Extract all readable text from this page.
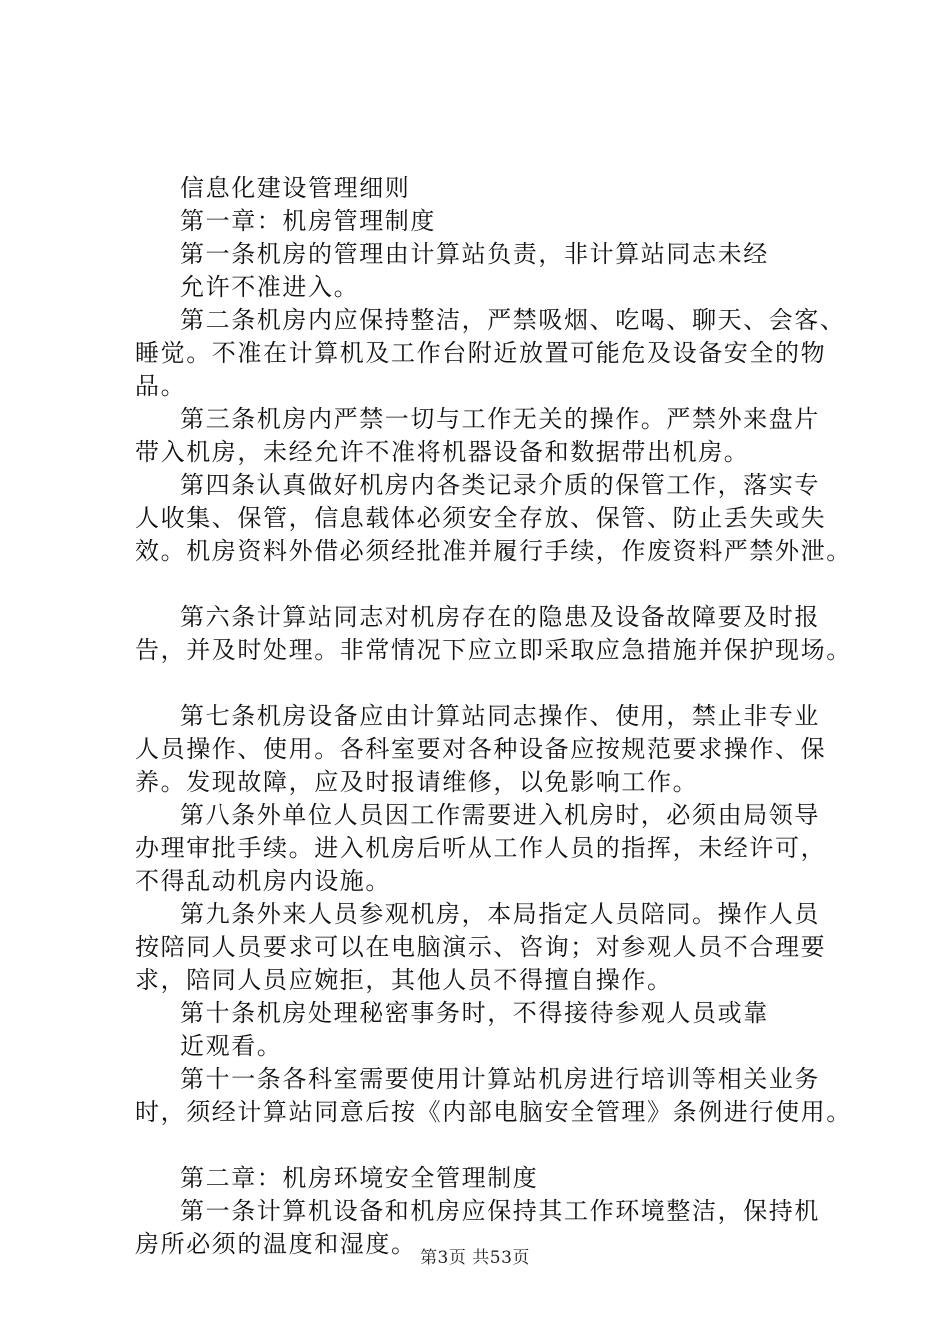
信息化建设管理细则
第一章：机房管理制度
第一条机房的管理由计算站负责，非计算站同志未经
允许不准进入。
第二条机房内应保持整洁，严禁吸烟、吃喝、聊天、会客、
睡觉。不准在计算机及工作台附近放置可能危及设备安全的物
品。
第三条机房内严禁一切与工作无关的操作。严禁外来盘片
带入机房，未经允许不准将机器设备和数据带出机房。
第四条认真做好机房内各类记录介质的保管工作，落实专
人收集、保管，信息载体必须安全存放、保管、防止丢失或失
效。机房资料外借必须经批准并履行手续，作废资料严禁外泄。
第六条计算站同志对机房存在的隐患及设备故障要及时报
告，并及时处理。非常情况下应立即采取应急措施并保护现场。
第七条机房设备应由计算站同志操作、使用，禁止非专业
人员操作、使用。各科室要对各种设备应按规范要求操作、保
养。发现故障，应及时报请维修，以免影响工作。
第八条外单位人员因工作需要进入机房时，必须由局领导
办理审批手续。进入机房后听从工作人员的指挥，未经许可，
不得乱动机房内设施。
第九条外来人员参观机房，本局指定人员陪同。操作人员
按陪同人员要求可以在电脑演示、咨询；对参观人员不合理要
求，陪同人员应婉拒，其他人员不得擅自操作。
第十条机房处理秘密事务时，不得接待参观人员或靠
近观看。
第十一条各科室需要使用计算站机房进行培训等相关业务
时，须经计算站同意后按《内部电脑安全管理》条例进行使用。
第二章：机房环境安全管理制度
第一条计算机设备和机房应保持其工作环境整洁，保持机
房所必须的温度和湿度。 第3页 共53页
